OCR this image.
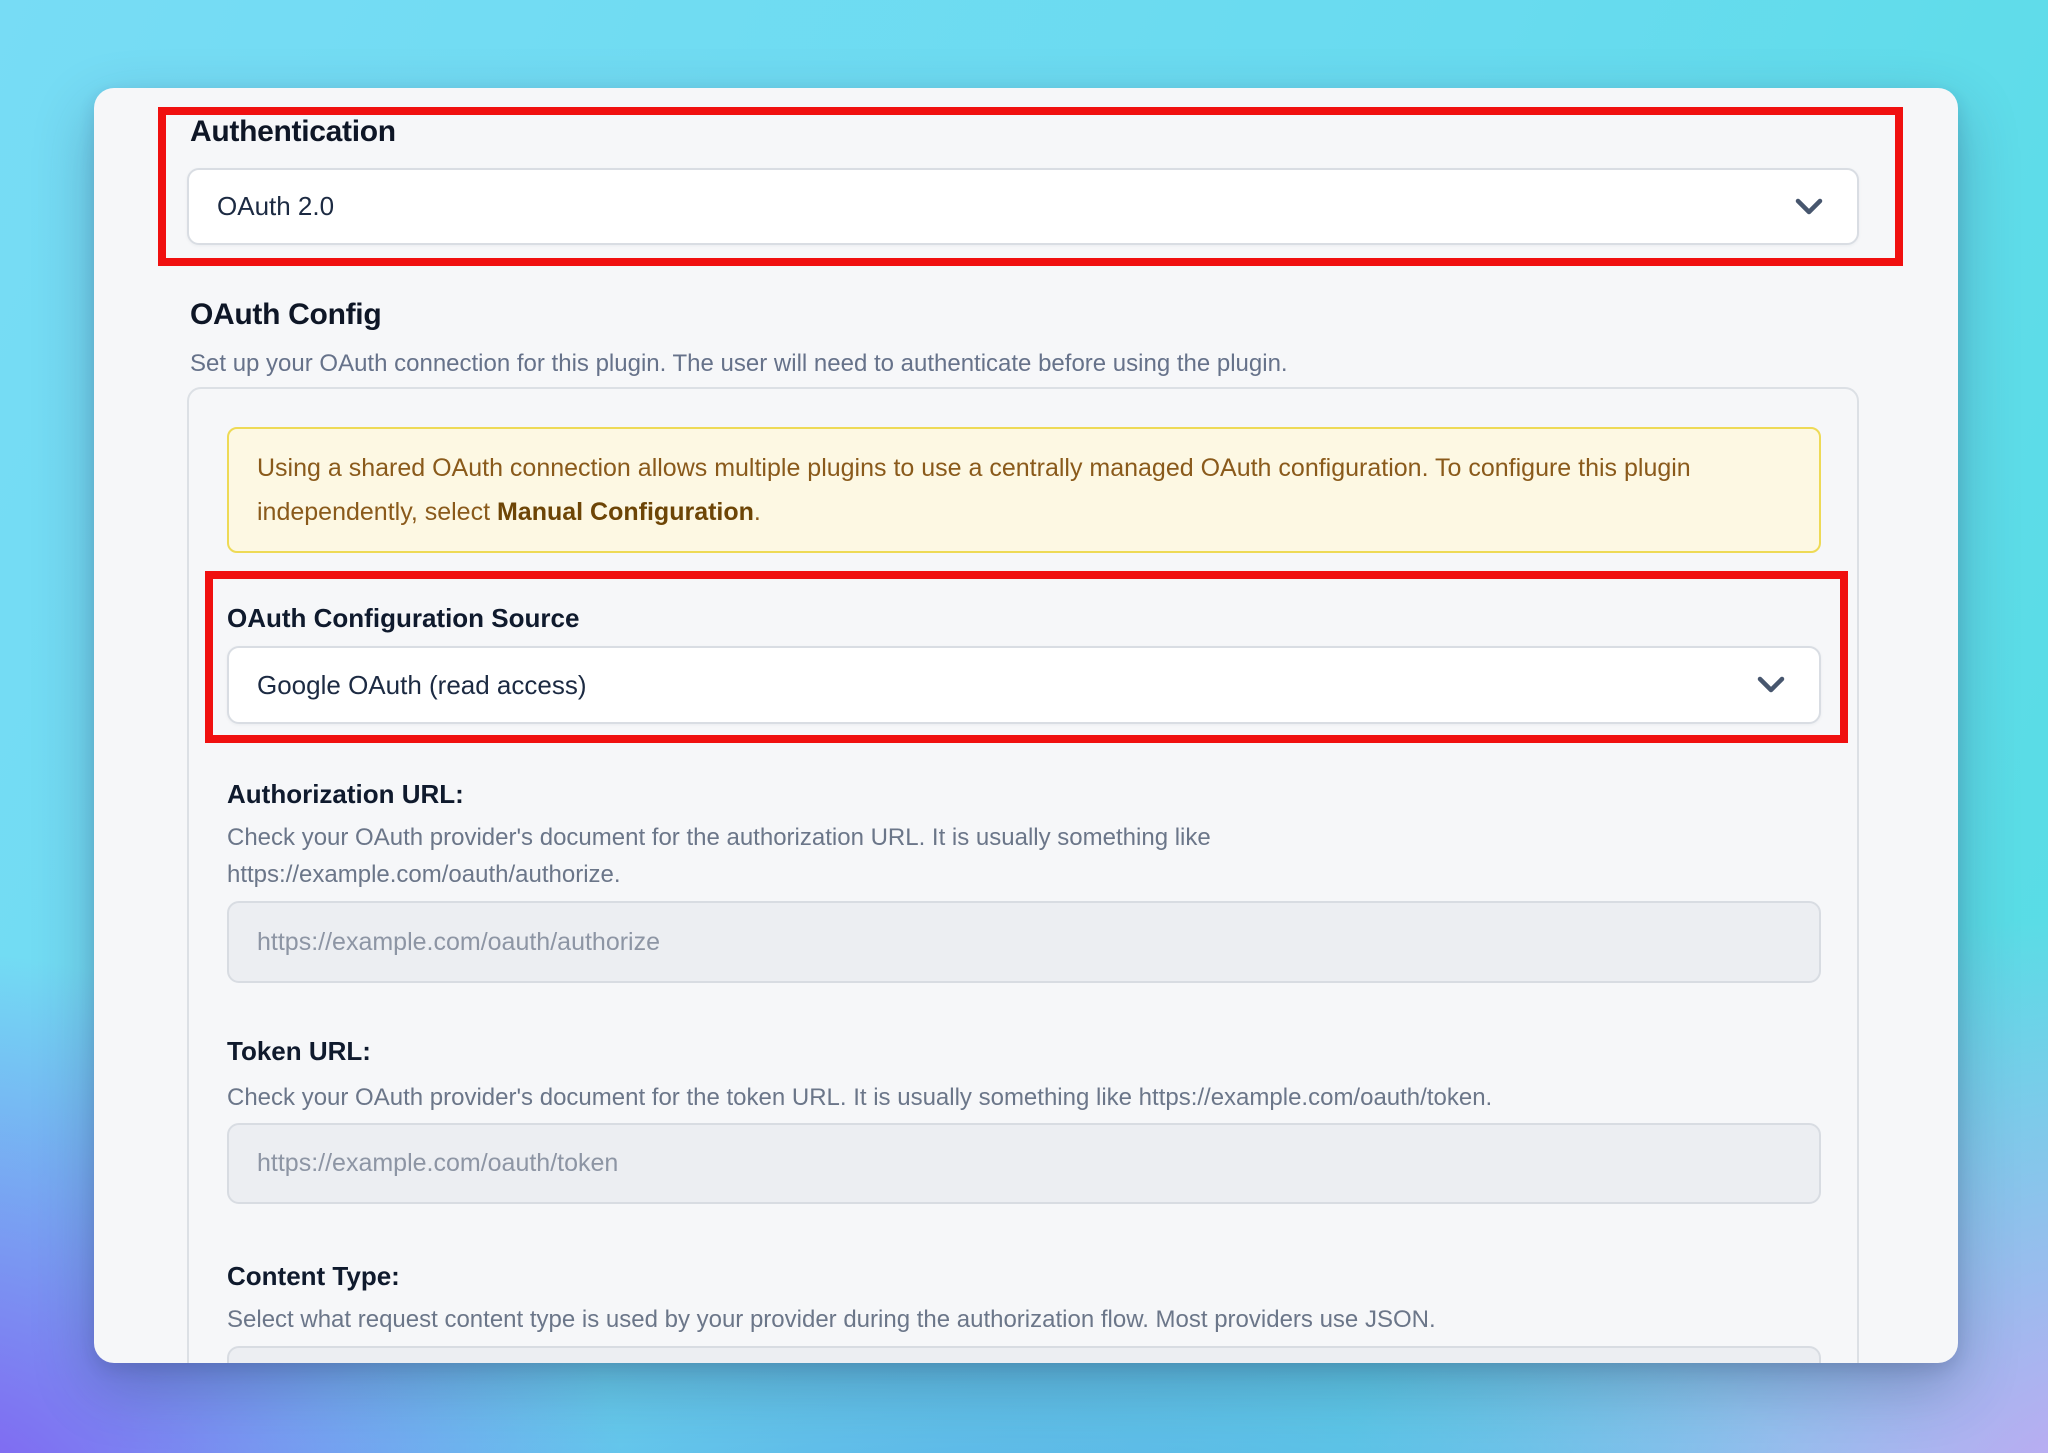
Authentication
OAuth 2.0
OAuth Config

Set up your OAuth connection for this plugin. The user will need to authenticate before using the plugin.

Using a shared OAuth connection allows multiple plugins to use a centrally managed OAuth configuration. To configure this plugin independently, select Manual Configuration.
OAuth Configuration Source
Google OAuth (read access)
Authorization URL:

Check your OAuth provider's document for the authorization URL. It is usually something like https://example.com/oauth/authorize.

https://example.com/oauth/authorize
Token URL:

Check your OAuth provider's document for the token URL. It is usually something like https://example.com/oauth/token.

https://example.com/oauth/token
Content Type:

Select what request content type is used by your provider during the authorization flow. Most providers use JSON.
